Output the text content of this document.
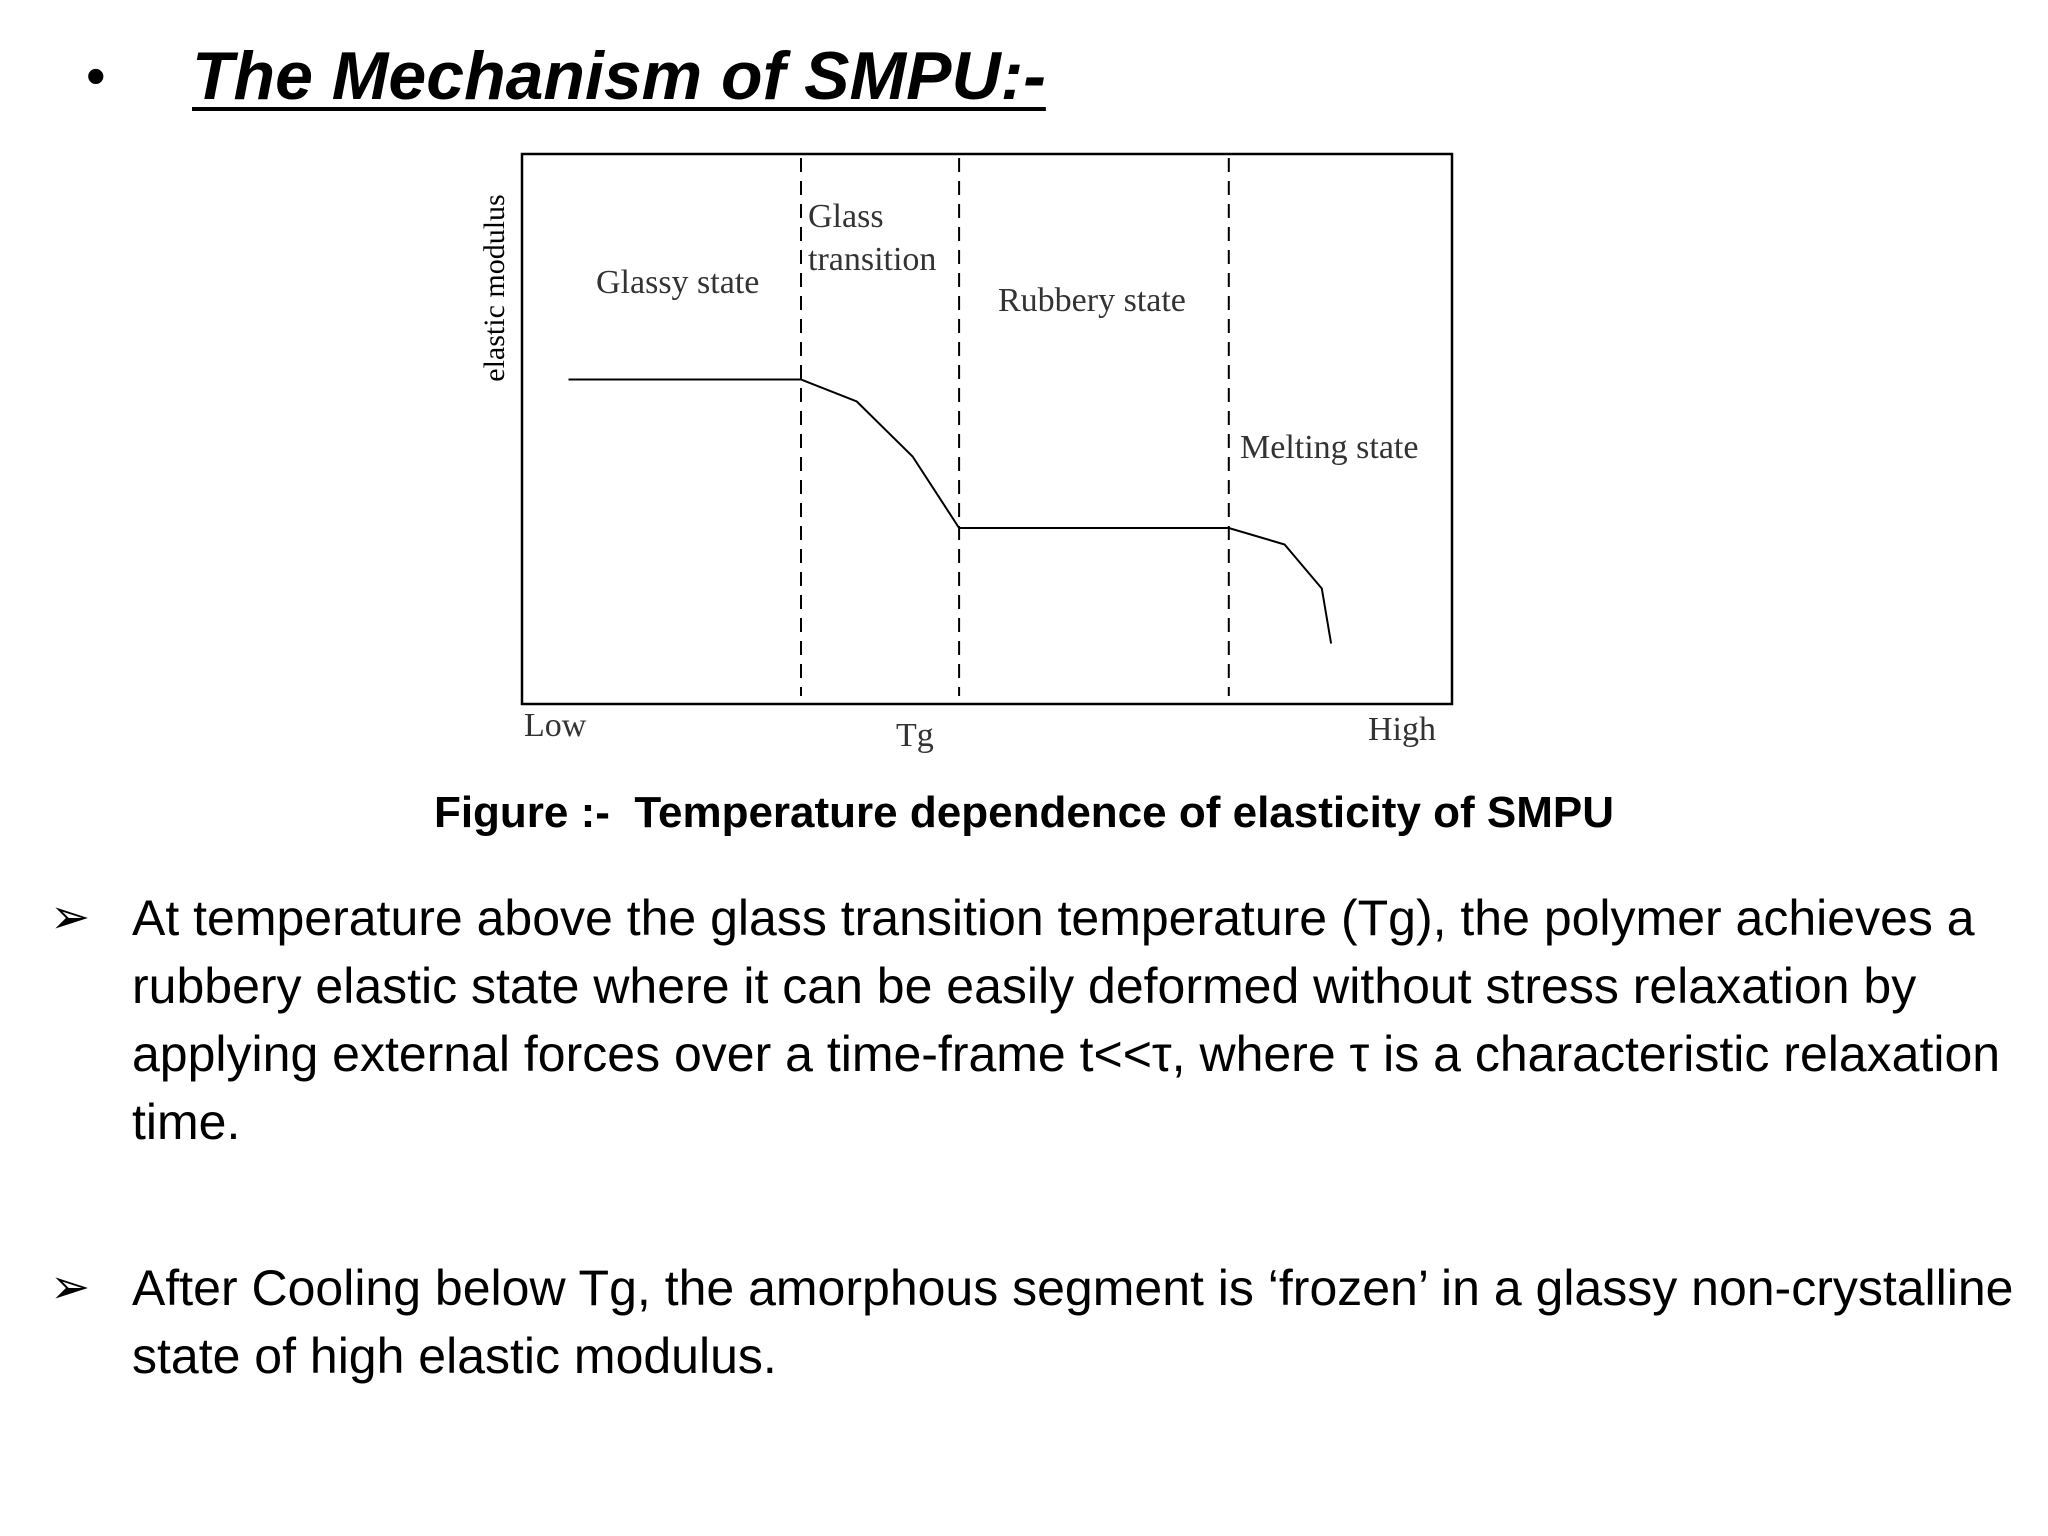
• The Mechanism of SMPU:-
elastic modulus	Glassy state
Glass
transition
Rubbery state
Melting state
Low	Tg	High
Figure :-  Temperature dependence of elasticity of SMPU
➢ At temperature above the glass transition temperature (Tg), the polymer achieves a rubbery elastic state where it can be easily deformed without stress relaxation by applying external forces over a time-frame t<<τ, where τ is a characteristic relaxation time.
➢ After Cooling below Tg, the amorphous segment is ‘frozen’ in a glassy non-crystalline state of high elastic modulus.
